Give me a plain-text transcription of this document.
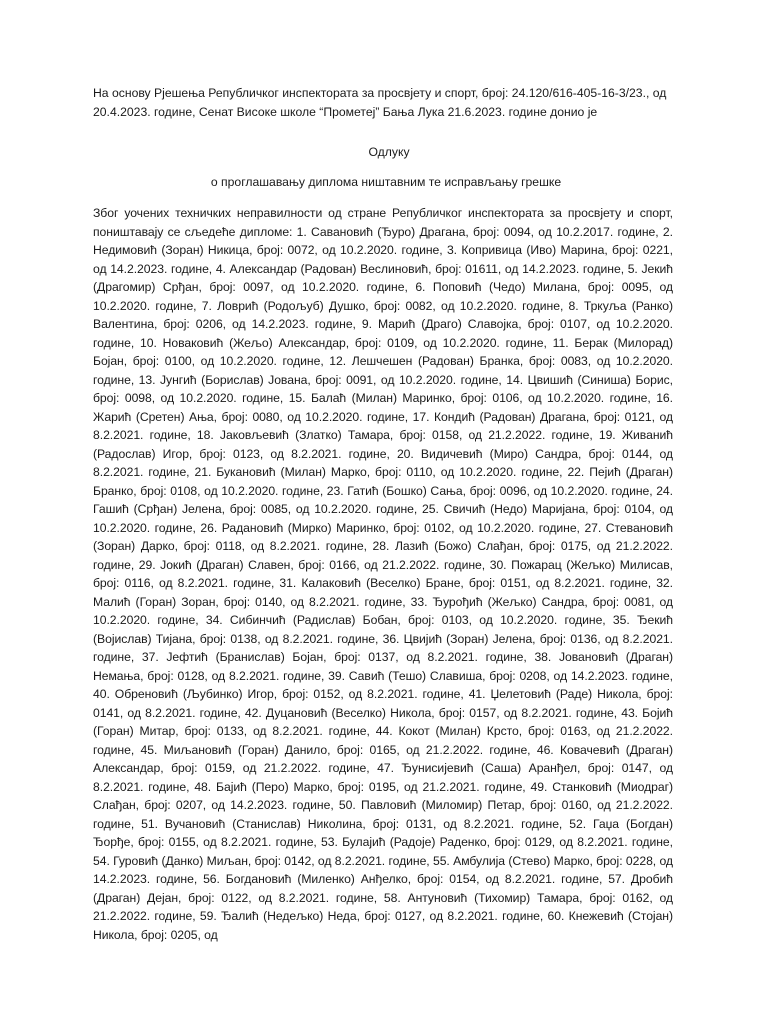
На основу Рјешења Републичког инспектората за просвјету и спорт, број: 24.120/616-405-16-3/23., од 20.4.2023. године, Сенат Високе школе “Прометеј” Бања Лука 21.6.2023. године донио је

Одлуку

о проглашавању диплома ништавним те исправљању грешке

Због уочених техничких неправилности од стране Републичког инспектората за просвјету и спорт, поништавају се сљедеће дипломе: 1. Савановић (Ђуро) Драгана, број: 0094, од 10.2.2017. године, 2. Недимовић (Зоран) Никица, број: 0072, од 10.2.2020. године, 3. Копривица (Иво) Марина, број: 0221, од 14.2.2023. године, 4. Александар (Радован) Веслиновић, број: 01611, од 14.2.2023. године, 5. Јекић (Драгомир) Срђан, број: 0097, од 10.2.2020. године, 6. Поповић (Чедо) Милана, број: 0095, од 10.2.2020. године, 7. Ловрић (Родољуб) Душко, број: 0082, од 10.2.2020. године, 8. Тркуља (Ранко) Валентина, број: 0206, од 14.2.2023. године, 9. Марић (Драго) Славојка, број: 0107, од 10.2.2020. године, 10. Новаковић (Жељо) Александар, број: 0109, од 10.2.2020. године, 11. Берак (Милорад) Бојан, број: 0100, од 10.2.2020. године, 12. Лешчешен (Радован) Бранка, број: 0083, од 10.2.2020. године, 13. Јунгић (Борислав) Јована, број: 0091, од 10.2.2020. године, 14. Цвишић (Синиша) Борис, број: 0098, од 10.2.2020. године, 15. Балаћ (Милан) Маринко, број: 0106, од 10.2.2020. године, 16. Жарић (Сретен) Ања, број: 0080, од 10.2.2020. године, 17. Кондић (Радован) Драгана, број: 0121, од 8.2.2021. године, 18. Јаковљевић (Златко) Тамара, број: 0158, од 21.2.2022. године, 19. Живанић (Радослав) Игор, број: 0123, од 8.2.2021. године, 20. Видичевић (Миро) Сандра, број: 0144, од 8.2.2021. године, 21. Букановић (Милан) Марко, број: 0110, од 10.2.2020. године, 22. Пејић (Драган) Бранко, број: 0108, од 10.2.2020. године, 23. Гатић (Бошко) Сања, број: 0096, од 10.2.2020. године, 24. Гашић (Срђан) Јелена, број: 0085, од 10.2.2020. године, 25. Свичић (Недо) Маријана, број: 0104, од 10.2.2020. године, 26. Радановић (Мирко) Маринко, број: 0102, од 10.2.2020. године, 27. Стевановић (Зоран) Дарко, број: 0118, од 8.2.2021. године, 28. Лазић (Божо) Слађан, број: 0175, од 21.2.2022. године, 29. Јокић (Драган) Славен, број: 0166, од 21.2.2022. године, 30. Пожарац (Жељко) Милисав, број: 0116, од 8.2.2021. године, 31. Калаковић (Веселко) Бране, број: 0151, од 8.2.2021. године, 32. Малић (Горан) Зоран, број: 0140, од 8.2.2021. године, 33. Ђурођић (Жељко) Сандра, број: 0081, од 10.2.2020. године, 34. Сибинчић (Радислав) Бобан, број: 0103, од 10.2.2020. године, 35. Ђекић (Војислав) Тијана, број: 0138, од 8.2.2021. године, 36. Цвијић (Зоран) Јелена, број: 0136, од 8.2.2021. године, 37. Јефтић (Бранислав) Бојан, број: 0137, од 8.2.2021. године, 38. Јовановић (Драган) Немања, број: 0128, од 8.2.2021. године, 39. Савић (Тешо) Славиша, број: 0208, од 14.2.2023. године, 40. Обреновић (Љубинко) Игор, број: 0152, од 8.2.2021. године, 41. Џелетовић (Раде) Никола, број: 0141, од 8.2.2021. године, 42. Дуцановић (Веселко) Никола, број: 0157, од 8.2.2021. године, 43. Бојић (Горан) Митар, број: 0133, од 8.2.2021. године, 44. Кокот (Милан) Крсто, број: 0163, од 21.2.2022. године, 45. Миљановић (Горан) Данило, број: 0165, од 21.2.2022. године, 46. Ковачевић (Драган) Александар, број: 0159, од 21.2.2022. године, 47. Ђунисијевић (Саша) Аранђел, број: 0147, од 8.2.2021. године, 48. Бајић (Перо) Марко, број: 0195, од 21.2.2021. године, 49. Станковић (Миодраг) Слађан, број: 0207, од 14.2.2023. године, 50. Павловић (Миломир) Петар, број: 0160, од 21.2.2022. године, 51. Вучановић (Станислав) Николина, број: 0131, од 8.2.2021. године, 52. Гаџа (Богдан) Ђорђе, број: 0155, од 8.2.2021. године, 53. Булајић (Радоје) Раденко, број: 0129, од 8.2.2021. године, 54. Гуровић (Данко) Миљан, број: 0142, од 8.2.2021. године, 55. Амбулија (Стево) Марко, број: 0228, од 14.2.2023. године, 56. Богдановић (Миленко) Анђелко, број: 0154, од 8.2.2021. године, 57. Дробић (Драган) Дејан, број: 0122, од 8.2.2021. године, 58. Антуновић (Тихомир) Тамара, број: 0162, од 21.2.2022. године, 59. Ђалић (Недељко) Неда, број: 0127, од 8.2.2021. године, 60. Кнежевић (Стојан) Никола, број: 0205, од
